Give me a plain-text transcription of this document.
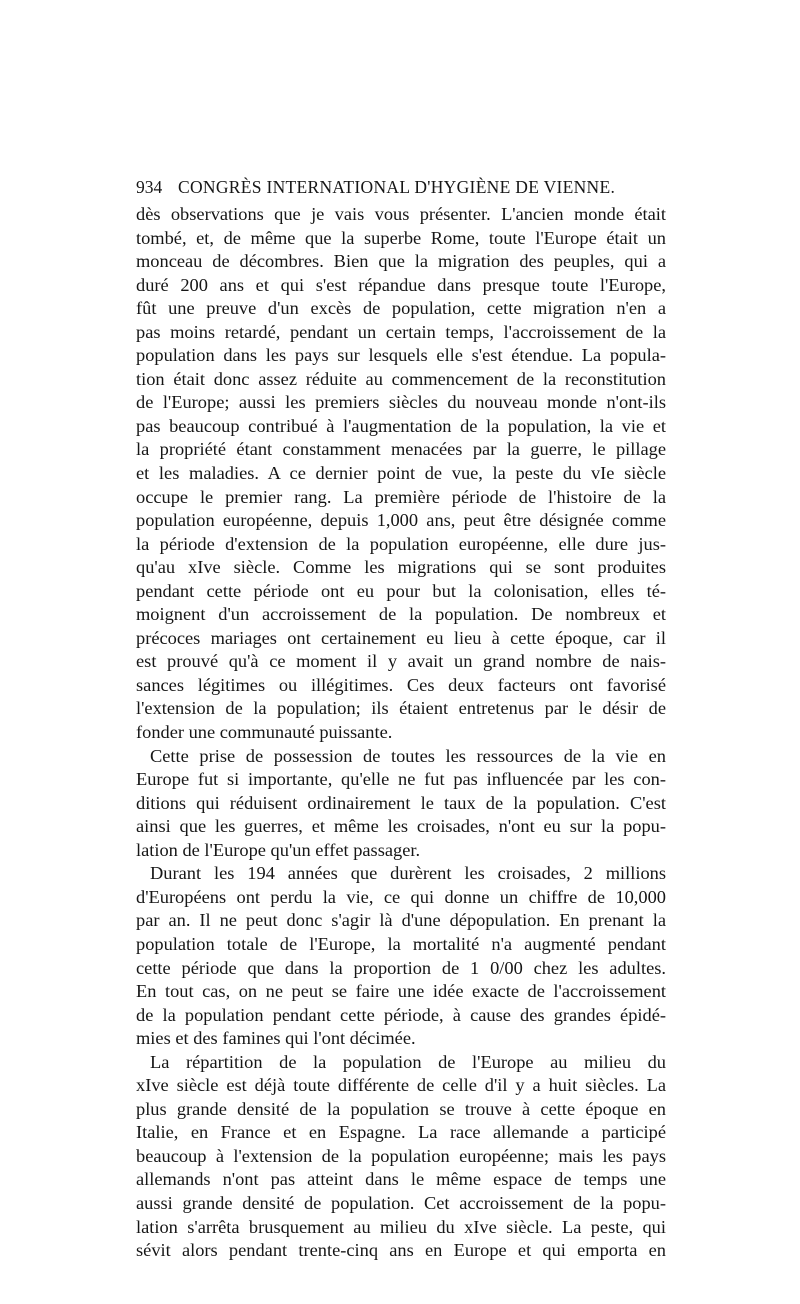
934 CONGRÈS INTERNATIONAL D'HYGIÈNE DE VIENNE.
dès observations que je vais vous présenter. L'ancien monde était
tombé, et, de même que la superbe Rome, toute l'Europe était un
monceau de décombres. Bien que la migration des peuples, qui a
duré 200 ans et qui s'est répandue dans presque toute l'Europe,
fût une preuve d'un excès de population, cette migration n'en a
pas moins retardé, pendant un certain temps, l'accroissement de la
population dans les pays sur lesquels elle s'est étendue. La popula-
tion était donc assez réduite au commencement de la reconstitution
de l'Europe; aussi les premiers siècles du nouveau monde n'ont-ils
pas beaucoup contribué à l'augmentation de la population, la vie et
la propriété étant constamment menacées par la guerre, le pillage
et les maladies. A ce dernier point de vue, la peste du vIe siècle
occupe le premier rang. La première période de l'histoire de la
population européenne, depuis 1,000 ans, peut être désignée comme
la période d'extension de la population européenne, elle dure jus-
qu'au xIve siècle. Comme les migrations qui se sont produites
pendant cette période ont eu pour but la colonisation, elles té-
moignent d'un accroissement de la population. De nombreux et
précoces mariages ont certainement eu lieu à cette époque, car il
est prouvé qu'à ce moment il y avait un grand nombre de nais-
sances légitimes ou illégitimes. Ces deux facteurs ont favorisé
l'extension de la population; ils étaient entretenus par le désir de
fonder une communauté puissante.
Cette prise de possession de toutes les ressources de la vie en
Europe fut si importante, qu'elle ne fut pas influencée par les con-
ditions qui réduisent ordinairement le taux de la population. C'est
ainsi que les guerres, et même les croisades, n'ont eu sur la popu-
lation de l'Europe qu'un effet passager.
Durant les 194 années que durèrent les croisades, 2 millions
d'Européens ont perdu la vie, ce qui donne un chiffre de 10,000
par an. Il ne peut donc s'agir là d'une dépopulation. En prenant la
population totale de l'Europe, la mortalité n'a augmenté pendant
cette période que dans la proportion de 1 0/00 chez les adultes.
En tout cas, on ne peut se faire une idée exacte de l'accroissement
de la population pendant cette période, à cause des grandes épidé-
mies et des famines qui l'ont décimée.
La répartition de la population de l'Europe au milieu du
xIve siècle est déjà toute différente de celle d'il y a huit siècles. La
plus grande densité de la population se trouve à cette époque en
Italie, en France et en Espagne. La race allemande a participé
beaucoup à l'extension de la population européenne; mais les pays
allemands n'ont pas atteint dans le même espace de temps une
aussi grande densité de population. Cet accroissement de la popu-
lation s'arrêta brusquement au milieu du xIve siècle. La peste, qui
sévit alors pendant trente-cinq ans en Europe et qui emporta en
